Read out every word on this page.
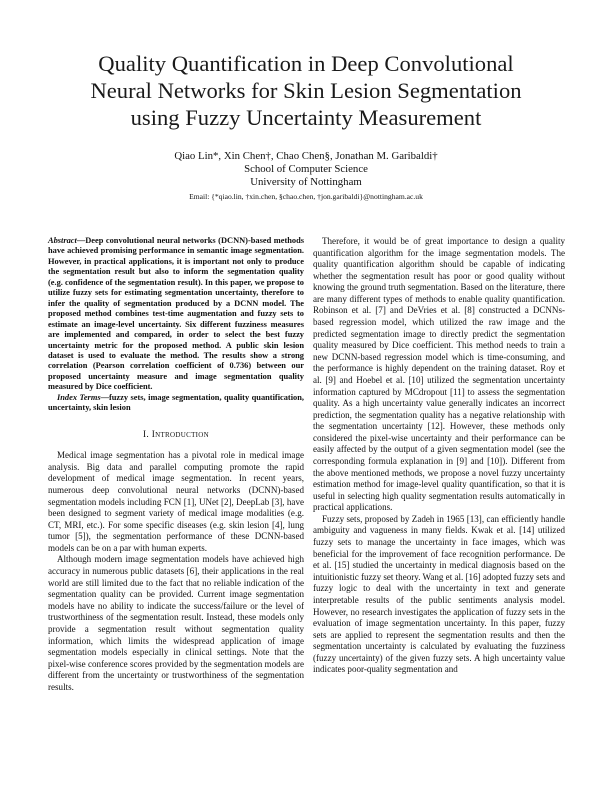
Quality Quantification in Deep Convolutional
Neural Networks for Skin Lesion Segmentation
using Fuzzy Uncertainty Measurement
Qiao Lin*, Xin Chen†, Chao Chen§, Jonathan M. Garibaldi†
School of Computer Science
University of Nottingham
Email: {*qiao.lin, †xin.chen, §chao.chen, †jon.garibaldi}@nottingham.ac.uk

Abstract—Deep convolutional neural networks (DCNN)-based methods have achieved promising performance in semantic image segmentation. However, in practical applications, it is important not only to produce the segmentation result but also to inform the segmentation quality (e.g. confidence of the segmentation result). In this paper, we propose to utilize fuzzy sets for estimating segmentation uncertainty, therefore to infer the quality of segmentation produced by a DCNN model. The proposed method combines test-time augmentation and fuzzy sets to estimate an image-level uncertainty. Six different fuzziness measures are implemented and compared, in order to select the best fuzzy uncertainty metric for the proposed method. A public skin lesion dataset is used to evaluate the method. The results show a strong correlation (Pearson correlation coefficient of 0.736) between our proposed uncertainty measure and image segmentation quality measured by Dice coefficient.

Index Terms—fuzzy sets, image segmentation, quality quantification, uncertainty, skin lesion

I. Introduction

Medical image segmentation has a pivotal role in medical image analysis. Big data and parallel computing promote the rapid development of medical image segmentation. In recent years, numerous deep convolutional neural networks (DCNN)-based segmentation models including FCN [1], UNet [2], DeepLab [3], have been designed to segment variety of medical image modalities (e.g. CT, MRI, etc.). For some specific diseases (e.g. skin lesion [4], lung tumor [5]), the segmentation performance of these DCNN-based models can be on a par with human experts.

Although modern image segmentation models have achieved high accuracy in numerous public datasets [6], their applications in the real world are still limited due to the fact that no reliable indication of the segmentation quality can be provided. Current image segmentation models have no ability to indicate the success/failure or the level of trustworthiness of the segmentation result. Instead, these models only provide a segmentation result without segmentation quality information, which limits the widespread application of image segmentation models especially in clinical settings. Note that the pixel-wise conference scores provided by the segmentation models are different from the uncertainty or trustworthiness of the segmentation results.

Therefore, it would be of great importance to design a quality quantification algorithm for the image segmentation models. The quality quantification algorithm should be capable of indicating whether the segmentation result has poor or good quality without knowing the ground truth segmentation. Based on the literature, there are many different types of methods to enable quality quantification. Robinson et al. [7] and DeVries et al. [8] constructed a DCNNs-based regression model, which utilized the raw image and the predicted segmentation image to directly predict the segmentation quality measured by Dice coefficient. This method needs to train a new DCNN-based regression model which is time-consuming, and the performance is highly dependent on the training dataset. Roy et al. [9] and Hoebel et al. [10] utilized the segmentation uncertainty information captured by MCdropout [11] to assess the segmentation quality. As a high uncertainty value generally indicates an incorrect prediction, the segmentation quality has a negative relationship with the segmentation uncertainty [12]. However, these methods only considered the pixel-wise uncertainty and their performance can be easily affected by the output of a given segmentation model (see the corresponding formula explanation in [9] and [10]). Different from the above mentioned methods, we propose a novel fuzzy uncertainty estimation method for image-level quality quantification, so that it is useful in selecting high quality segmentation results automatically in practical applications.

Fuzzy sets, proposed by Zadeh in 1965 [13], can efficiently handle ambiguity and vagueness in many fields. Kwak et al. [14] utilized fuzzy sets to manage the uncertainty in face images, which was beneficial for the improvement of face recognition performance. De et al. [15] studied the uncertainty in medical diagnosis based on the intuitionistic fuzzy set theory. Wang et al. [16] adopted fuzzy sets and fuzzy logic to deal with the uncertainty in text and generate interpretable results of the public sentiments analysis model. However, no research investigates the application of fuzzy sets in the evaluation of image segmentation uncertainty. In this paper, fuzzy sets are applied to represent the segmentation results and then the segmentation uncertainty is calculated by evaluating the fuzziness (fuzzy uncertainty) of the given fuzzy sets. A high uncertainty value indicates poor-quality segmentation and
